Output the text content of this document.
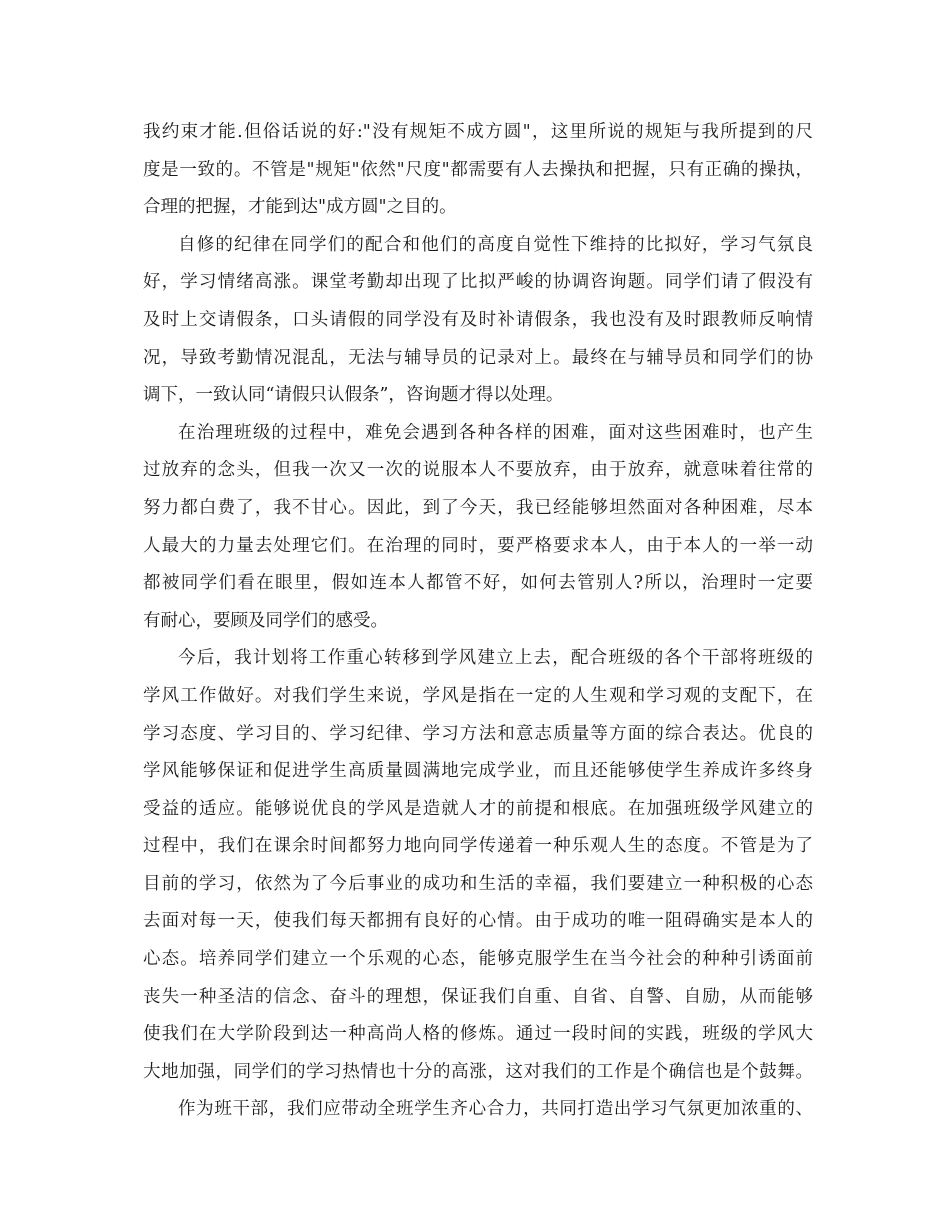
我约束才能.但俗话说的好:"没有规矩不成方圆"，这里所说的规矩与我所提到的尺
度是一致的。不管是"规矩"依然"尺度"都需要有人去操执和把握，只有正确的操执，
合理的把握，才能到达"成方圆"之目的。
自修的纪律在同学们的配合和他们的高度自觉性下维持的比拟好，学习气氛良
好，学习情绪高涨。课堂考勤却出现了比拟严峻的协调咨询题。同学们请了假没有
及时上交请假条，口头请假的同学没有及时补请假条，我也没有及时跟教师反响情
况，导致考勤情况混乱，无法与辅导员的记录对上。最终在与辅导员和同学们的协
调下，一致认同“请假只认假条”，咨询题才得以处理。
在治理班级的过程中，难免会遇到各种各样的困难，面对这些困难时，也产生
过放弃的念头，但我一次又一次的说服本人不要放弃，由于放弃，就意味着往常的
努力都白费了，我不甘心。因此，到了今天，我已经能够坦然面对各种困难，尽本
人最大的力量去处理它们。在治理的同时，要严格要求本人，由于本人的一举一动
都被同学们看在眼里，假如连本人都管不好，如何去管别人?所以，治理时一定要
有耐心，要顾及同学们的感受。
今后，我计划将工作重心转移到学风建立上去，配合班级的各个干部将班级的
学风工作做好。对我们学生来说，学风是指在一定的人生观和学习观的支配下，在
学习态度、学习目的、学习纪律、学习方法和意志质量等方面的综合表达。优良的
学风能够保证和促进学生高质量圆满地完成学业，而且还能够使学生养成许多终身
受益的适应。能够说优良的学风是造就人才的前提和根底。在加强班级学风建立的
过程中，我们在课余时间都努力地向同学传递着一种乐观人生的态度。不管是为了
目前的学习，依然为了今后事业的成功和生活的幸福，我们要建立一种积极的心态
去面对每一天，使我们每天都拥有良好的心情。由于成功的唯一阻碍确实是本人的
心态。培养同学们建立一个乐观的心态，能够克服学生在当今社会的种种引诱面前
丧失一种圣洁的信念、奋斗的理想，保证我们自重、自省、自警、自励，从而能够
使我们在大学阶段到达一种高尚人格的修炼。通过一段时间的实践，班级的学风大
大地加强，同学们的学习热情也十分的高涨，这对我们的工作是个确信也是个鼓舞。
作为班干部，我们应带动全班学生齐心合力，共同打造出学习气氛更加浓重的、
